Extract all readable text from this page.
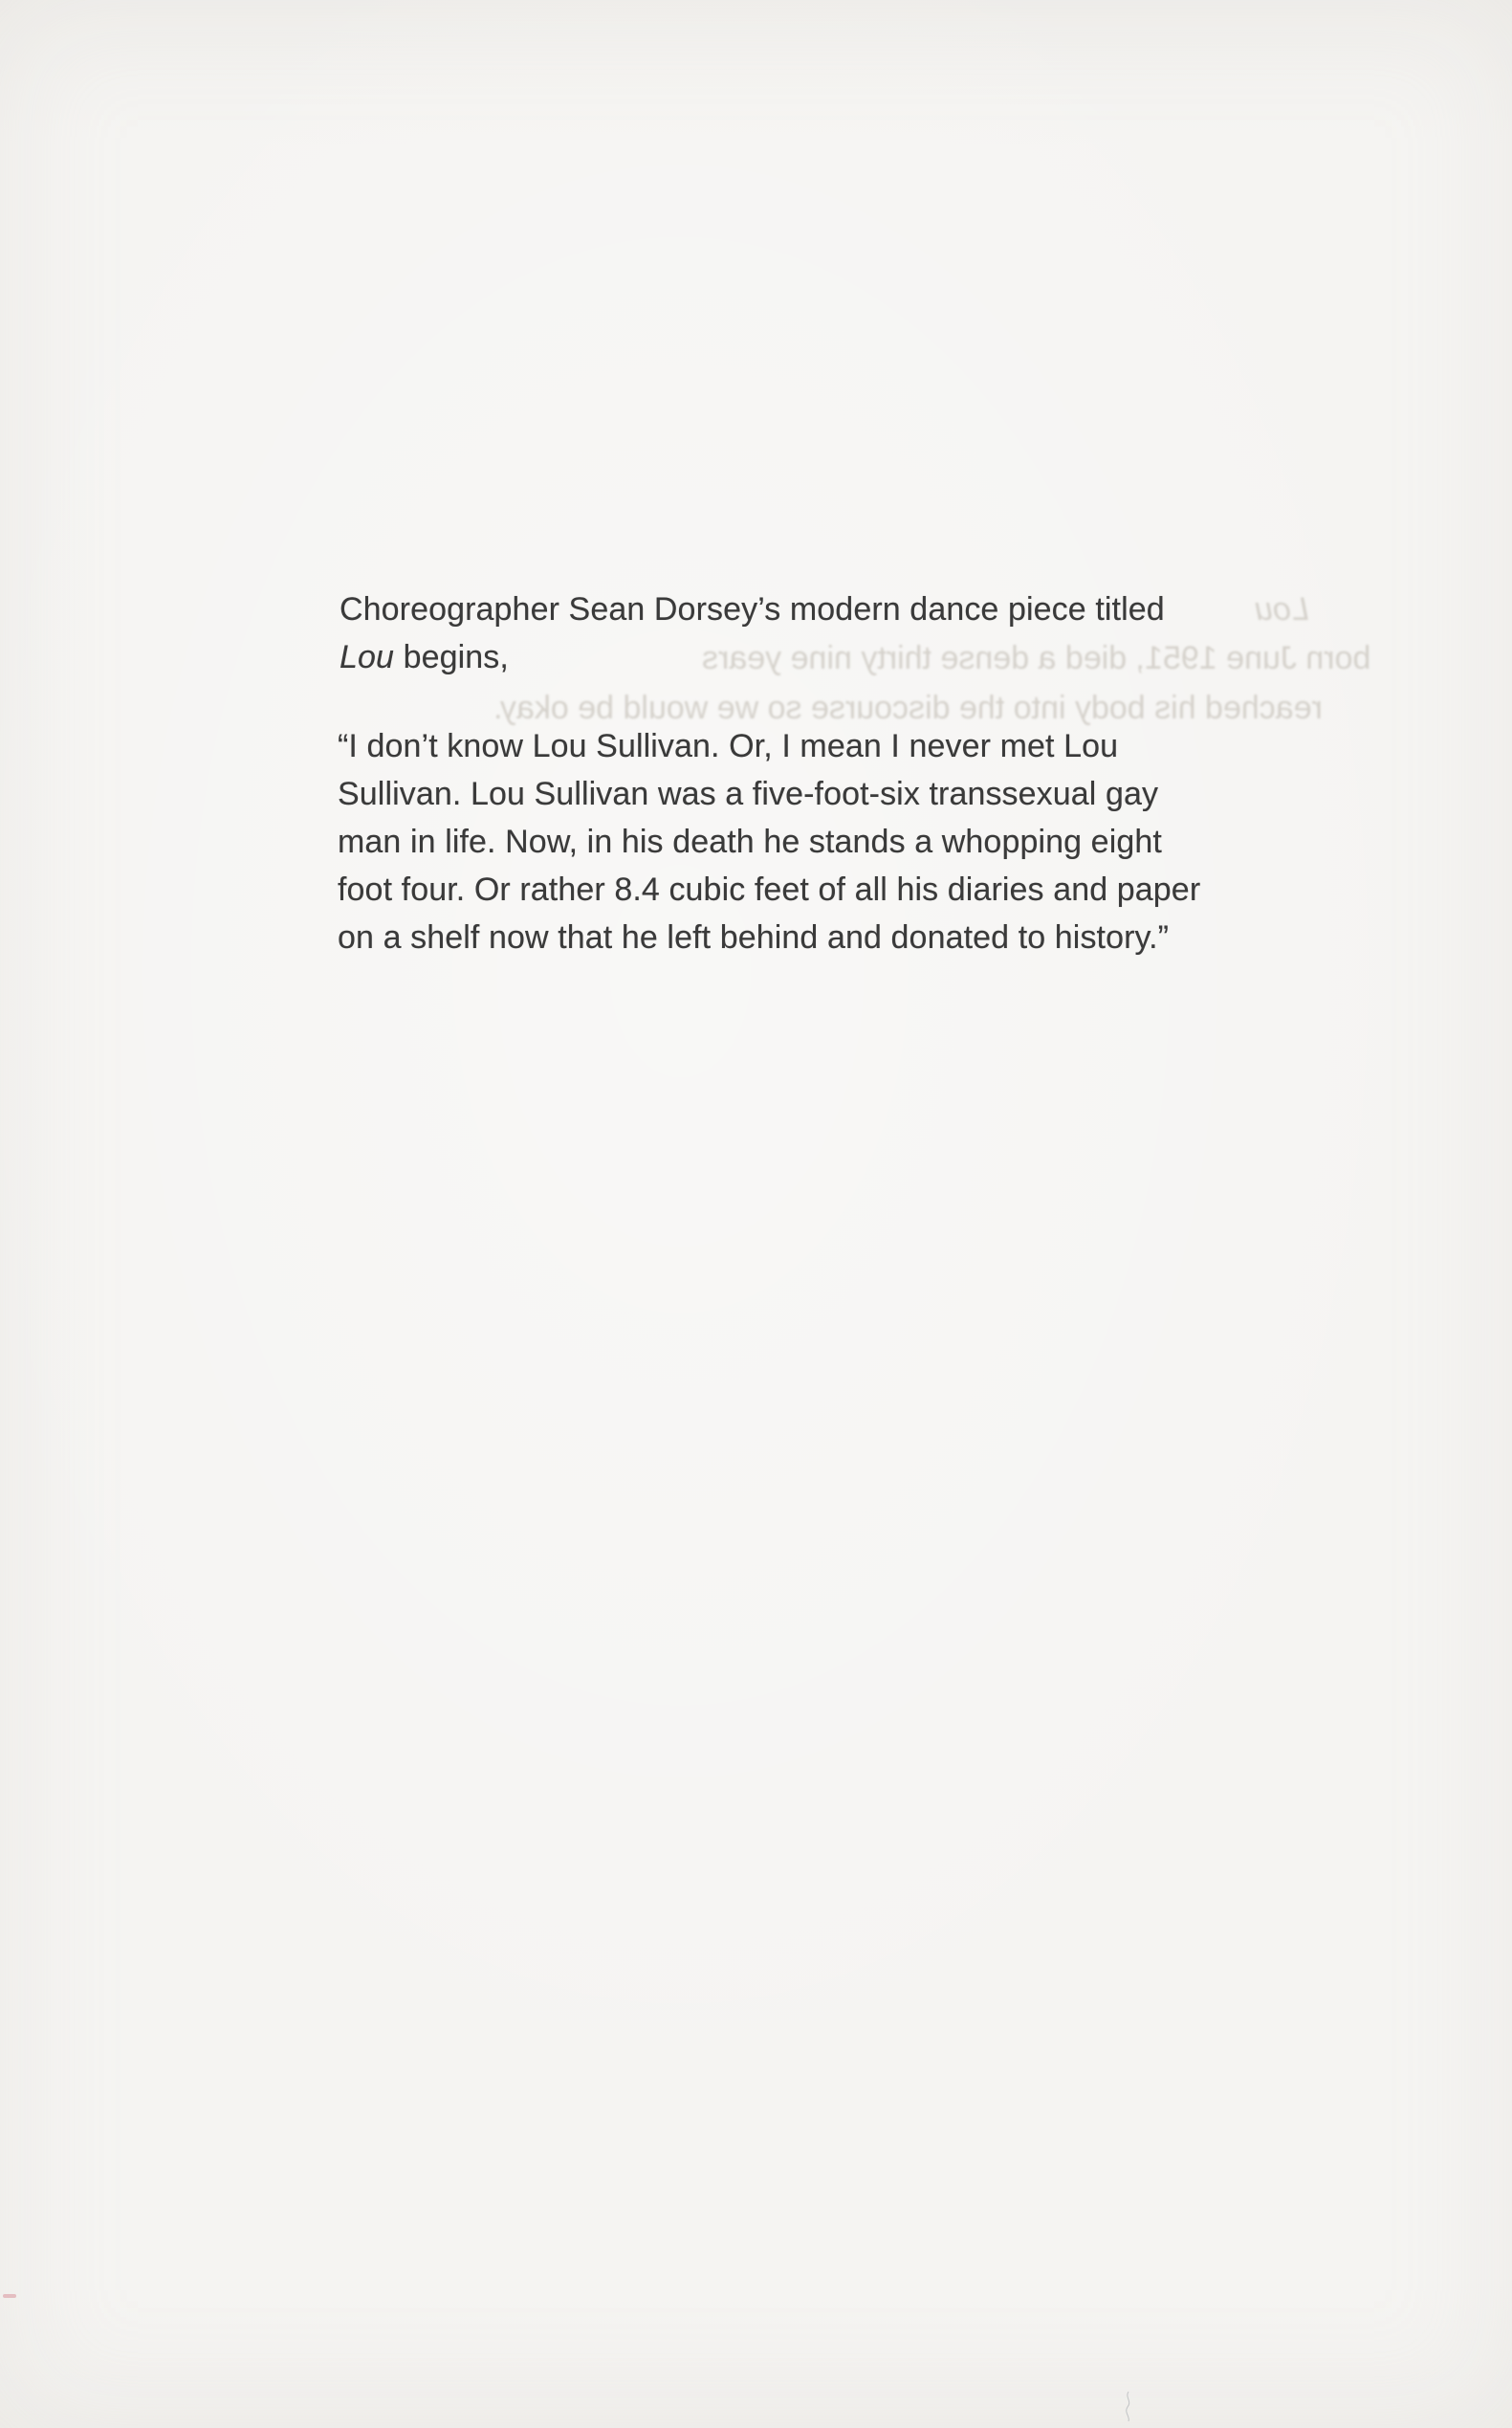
Lou
born June 1951, died a dense thirty nine years
reached his body into the discourse so we would be okay.
Choreographer Sean Dorsey’s modern dance piece titled
Lou begins,
“I don’t know Lou Sullivan. Or, I mean I never met Lou
Sullivan. Lou Sullivan was a five-foot-six transsexual gay
man in life. Now, in his death he stands a whopping eight
foot four. Or rather 8.4 cubic feet of all his diaries and paper
on a shelf now that he left behind and donated to history.”
